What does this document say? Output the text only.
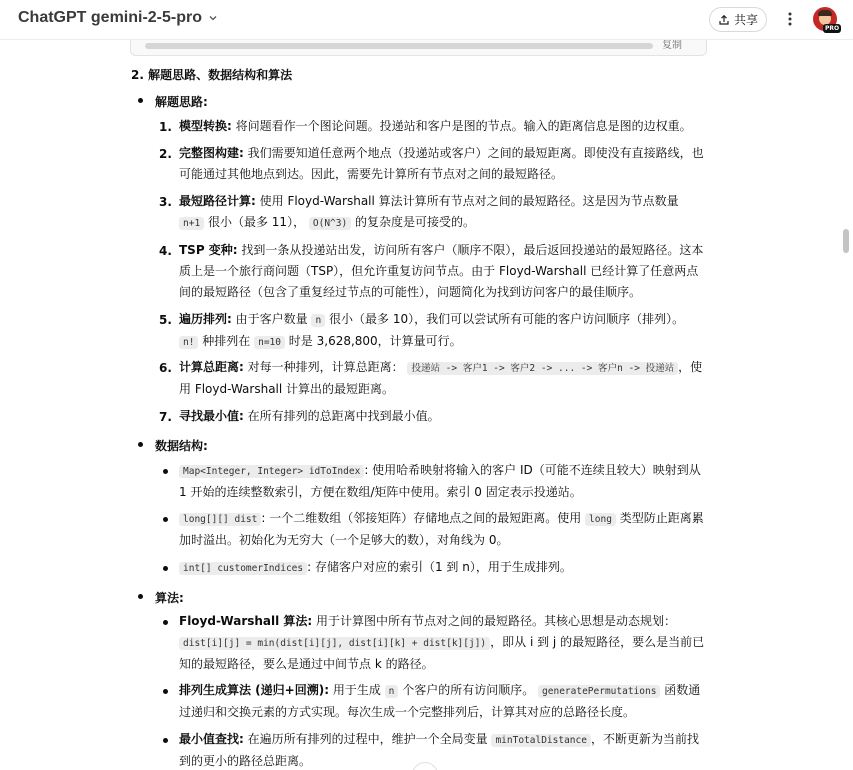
复制
2. 解题思路、数据结构和算法
解题思路:
1. 模型转换: 将问题看作一个图论问题。投递站和客户是图的节点。输入的距离信息是图的边权重。
2. 完整图构建: 我们需要知道任意两个地点（投递站或客户）之间的最短距离。即使没有直接路线，也可能通过其他地点到达。因此，需要先计算所有节点对之间的最短路径。
3. 最短路径计算: 使用 Floyd-Warshall 算法计算所有节点对之间的最短路径。这是因为节点数量 n+1 很小（最多 11）， O(N^3) 的复杂度是可接受的。
4. TSP 变种: 找到一条从投递站出发，访问所有客户（顺序不限），最后返回投递站的最短路径。这本质上是一个旅行商问题（TSP），但允许重复访问节点。由于 Floyd-Warshall 已经计算了任意两点间的最短路径（包含了重复经过节点的可能性），问题简化为找到访问客户的最佳顺序。
5. 遍历排列: 由于客户数量 n 很小（最多 10），我们可以尝试所有可能的客户访问顺序（排列）。 n! 种排列在 n=10 时是 3,628,800，计算量可行。
6. 计算总距离: 对每一种排列，计算总距离： 投递站 -> 客户1 -> 客户2 -> ... -> 客户n -> 投递站 ，使用 Floyd-Warshall 计算出的最短距离。
7. 寻找最小值: 在所有排列的总距离中找到最小值。
数据结构:
Map<Integer, Integer> idToIndex : 使用哈希映射将输入的客户 ID（可能不连续且较大）映射到从 1 开始的连续整数索引，方便在数组/矩阵中使用。索引 0 固定表示投递站。
long[][] dist : 一个二维数组（邻接矩阵）存储地点之间的最短距离。使用 long 类型防止距离累加时溢出。初始化为无穷大（一个足够大的数），对角线为 0。
int[] customerIndices : 存储客户对应的索引（1 到 n），用于生成排列。
算法:
Floyd-Warshall 算法: 用于计算图中所有节点对之间的最短路径。其核心思想是动态规划： dist[i][j] = min(dist[i][j], dist[i][k] + dist[k][j]) ，即从 i 到 j 的最短路径，要么是当前已知的最短路径，要么是通过中间节点 k 的路径。
排列生成算法 (递归+回溯): 用于生成 n 个客户的所有访问顺序。 generatePermutations 函数通过递归和交换元素的方式实现。每次生成一个完整排列后，计算其对应的总路径长度。
最小值查找: 在遍历所有排列的过程中，维护一个全局变量 minTotalDistance ，不断更新为当前找到的更小的路径总距离。
ChatGPT gemini-2-5-pro	共享
PRO
